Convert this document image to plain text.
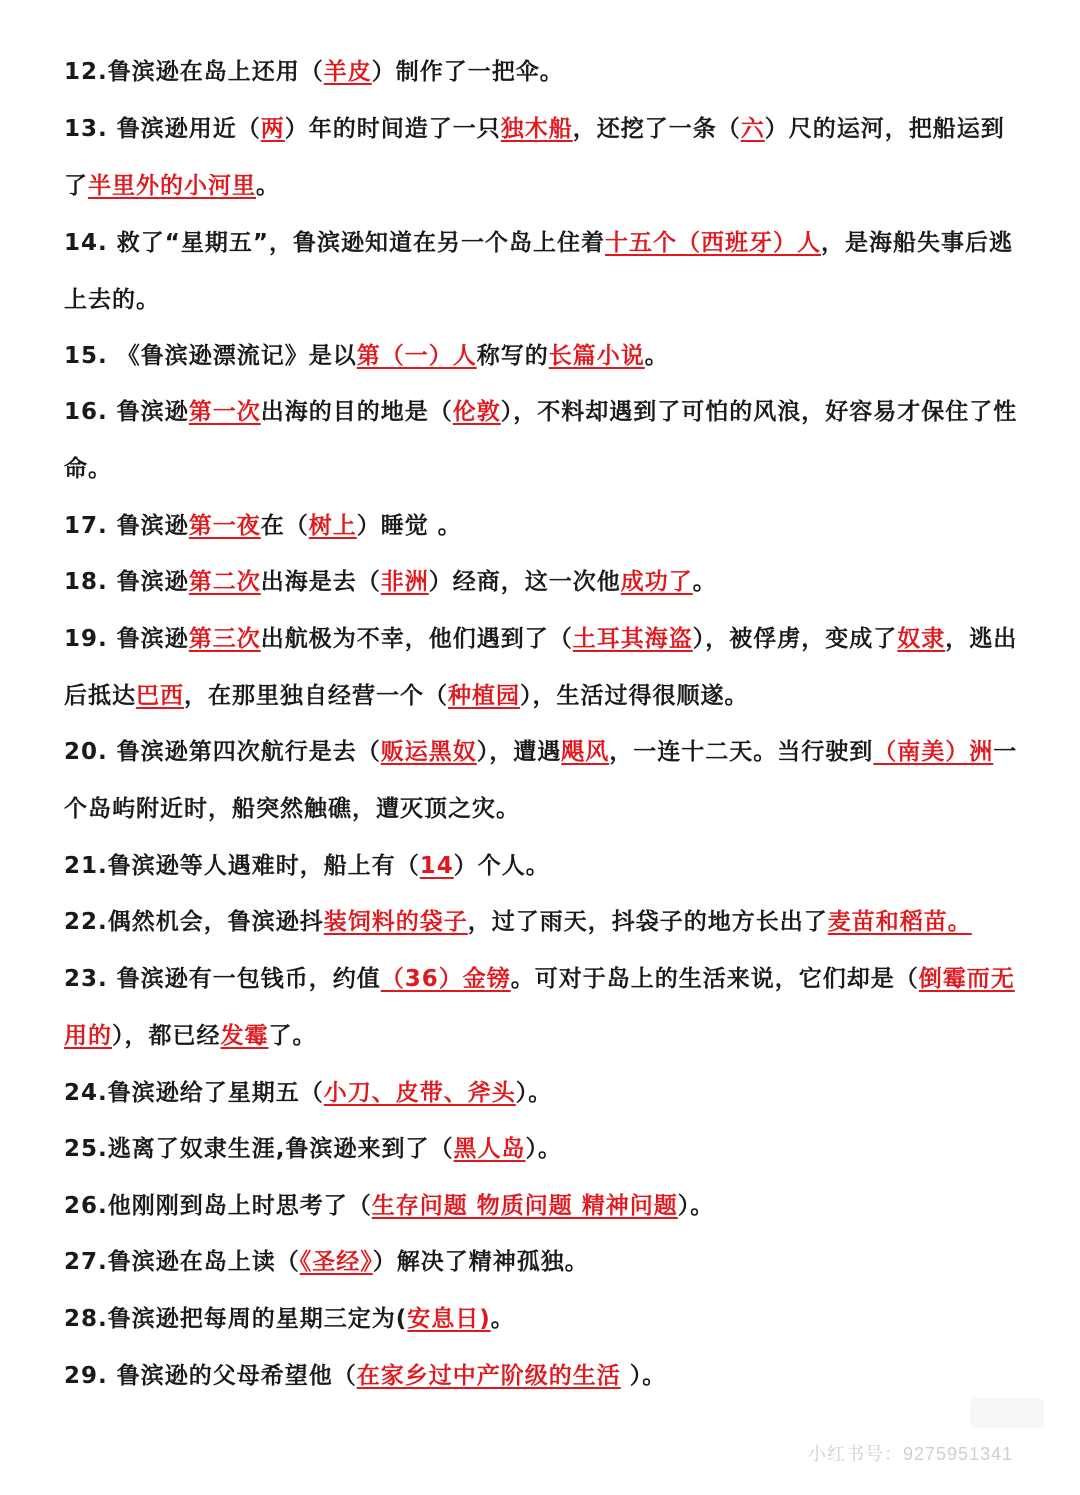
12.鲁滨逊在岛上还用（羊皮）制作了一把伞。
13. 鲁滨逊用近（两）年的时间造了一只独木船，还挖了一条（六）尺的运河，把船运到了半里外的小河里。
14. 救了“星期五”，鲁滨逊知道在另一个岛上住着十五个（西班牙）人，是海船失事后逃上去的。
15. 《鲁滨逊漂流记》是以第（一）人称写的长篇小说。
16. 鲁滨逊第一次出海的目的地是（伦敦），不料却遇到了可怕的风浪，好容易才保住了性命。
17. 鲁滨逊第一夜在（树上）睡觉 。
18. 鲁滨逊第二次出海是去（非洲）经商，这一次他成功了。
19. 鲁滨逊第三次出航极为不幸，他们遇到了（土耳其海盗），被俘虏，变成了奴隶，逃出后抵达巴西，在那里独自经营一个（种植园），生活过得很顺遂。
20. 鲁滨逊第四次航行是去（贩运黑奴），遭遇飓风，一连十二天。当行驶到（南美）洲一个岛屿附近时，船突然触礁，遭灭顶之灾。
21.鲁滨逊等人遇难时，船上有（14）个人。
22.偶然机会，鲁滨逊抖装饲料的袋子，过了雨天，抖袋子的地方长出了麦苗和稻苗。
23. 鲁滨逊有一包钱币，约值（36）金镑。可对于岛上的生活来说，它们却是（倒霉而无用的），都已经发霉了。
24.鲁滨逊给了星期五（小刀、皮带、斧头）。
25.逃离了奴隶生涯,鲁滨逊来到了（黑人岛）。
26.他刚刚到岛上时思考了（生存问题 物质问题 精神问题）。
27.鲁滨逊在岛上读（《圣经》）解决了精神孤独。
28.鲁滨逊把每周的星期三定为(安息日)。
29. 鲁滨逊的父母希望他（在家乡过中产阶级的生活 ）。
小红书号：9275951341
